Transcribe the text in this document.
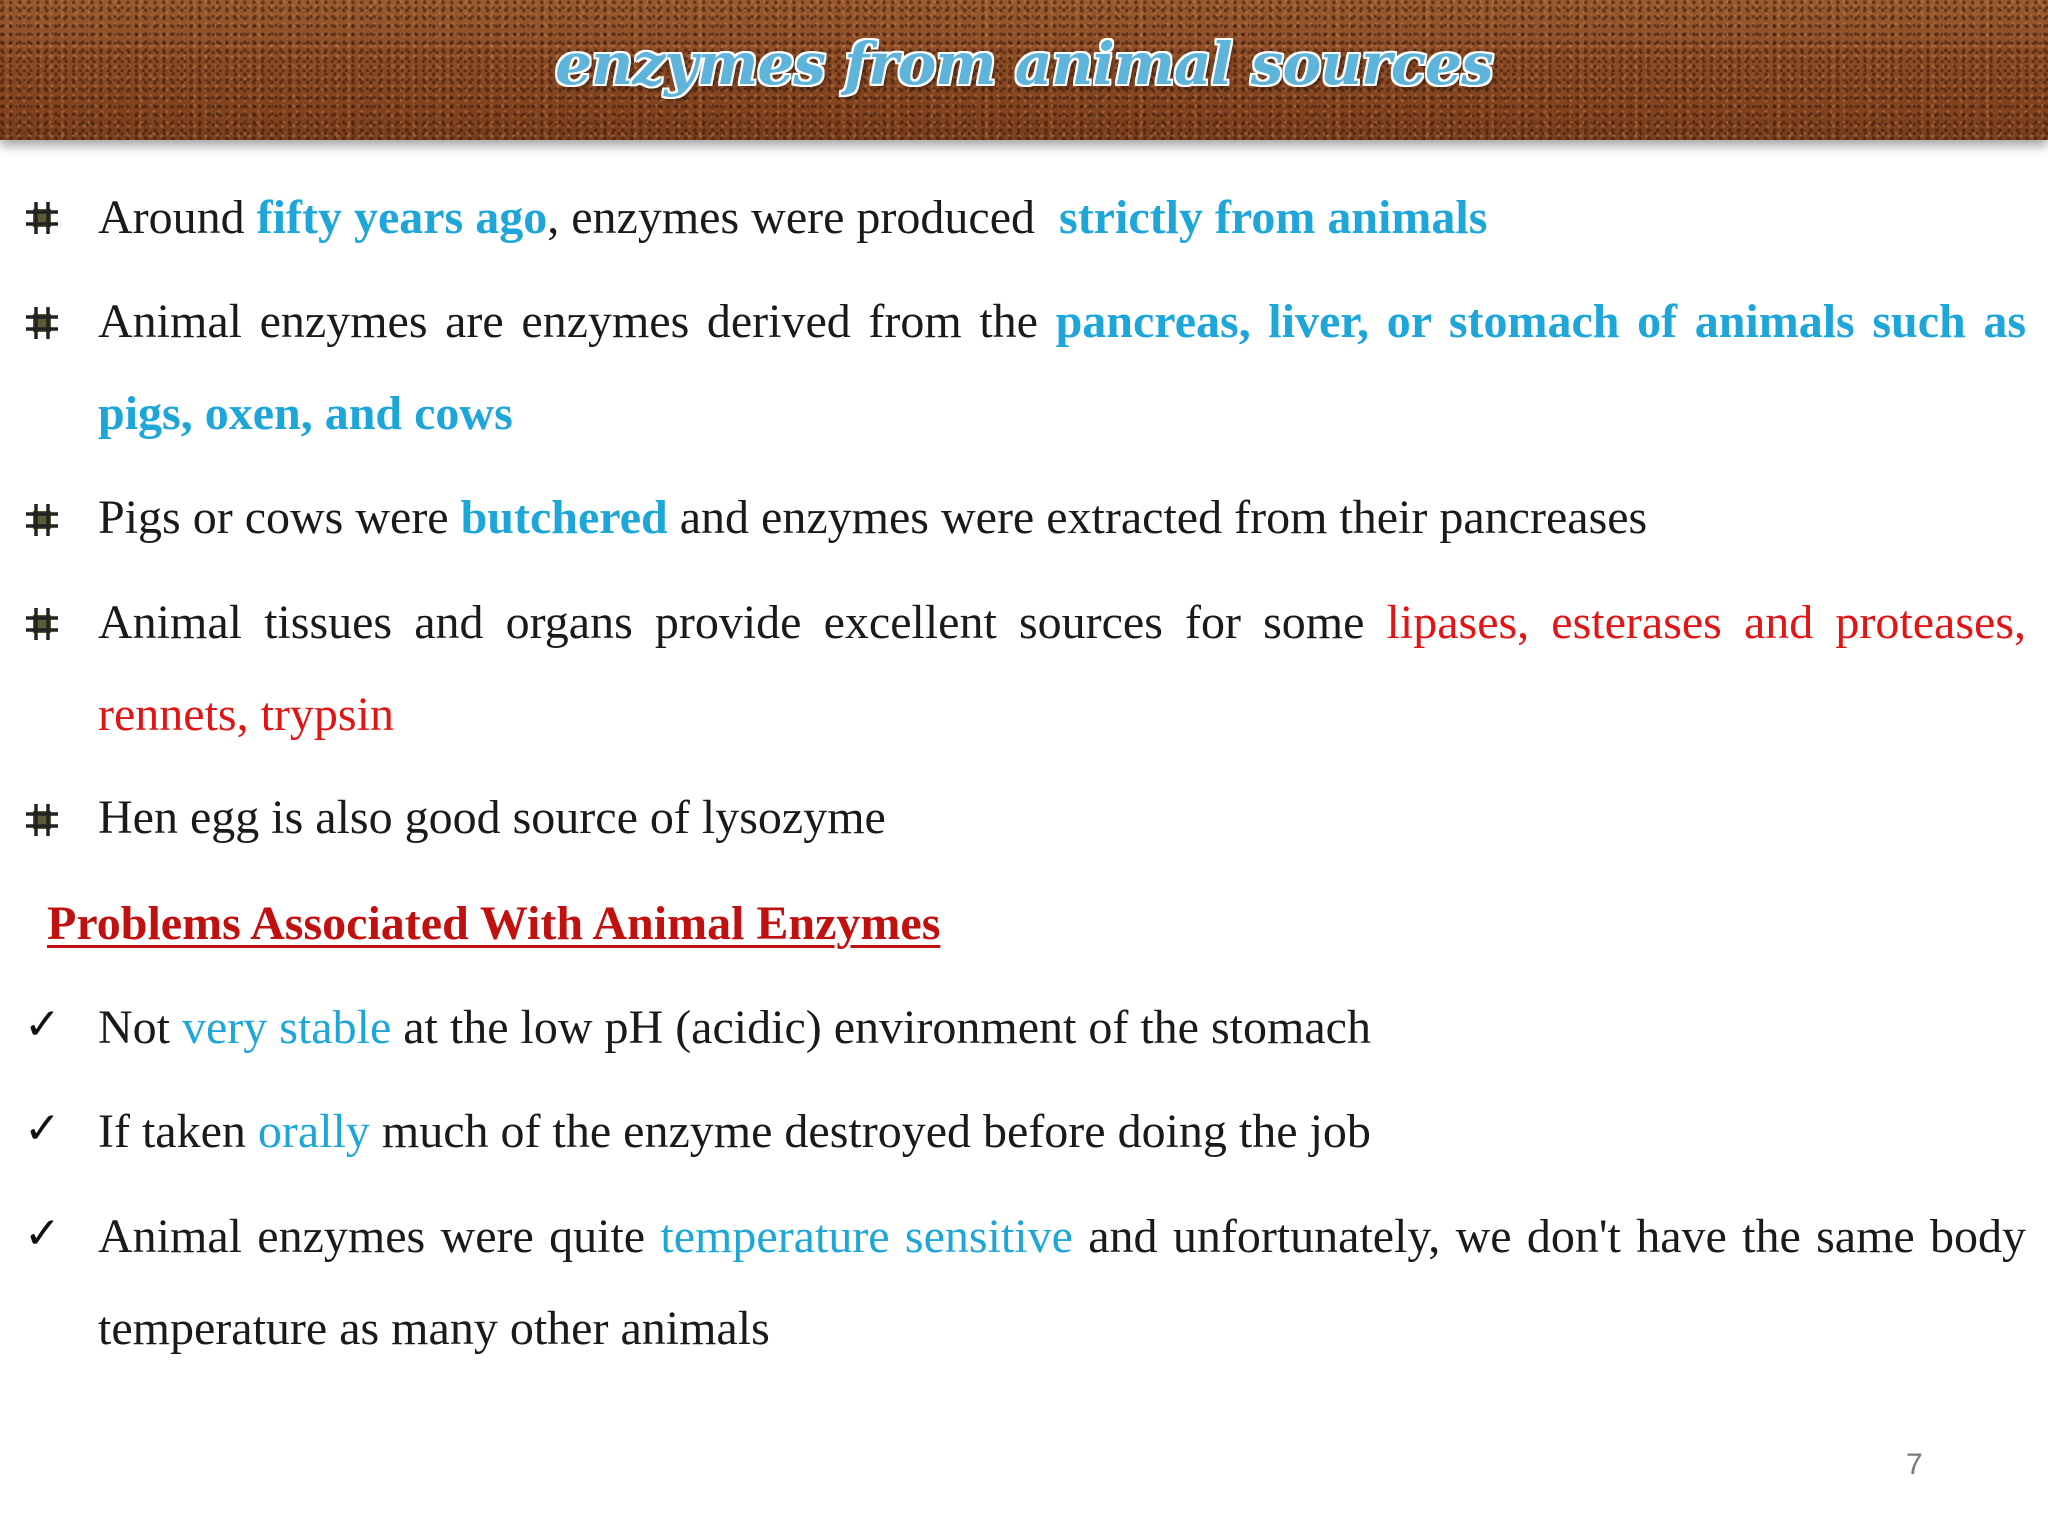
enzymes from animal sources
Around fifty years ago, enzymes were produced  strictly from animals
Animal enzymes are enzymes derived from the pancreas, liver, or stomach of animals such as pigs, oxen, and cows
Pigs or cows were butchered and enzymes were extracted from their pancreases
Animal tissues and organs provide excellent sources for some lipases, esterases and proteases, rennets, trypsin
Hen egg is also good source of lysozyme
Problems Associated With Animal Enzymes
✓ Not very stable at the low pH (acidic) environment of the stomach
✓ If taken orally much of the enzyme destroyed before doing the job
✓ Animal enzymes were quite temperature sensitive and unfortunately, we don't have the same body temperature as many other animals
7
